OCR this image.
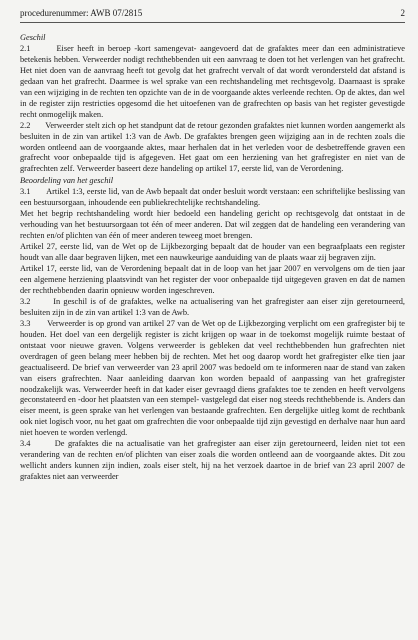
procedurenummer: AWB 07/2815	2

Geschil

2.1       Eiser heeft in beroep -kort samengevat- aangevoerd dat de grafaktes meer dan een administratieve betekenis hebben. Verweerder nodigt rechthebbenden uit een aanvraag te doen tot het verlengen van het grafrecht. Het niet doen van de aanvraag heeft tot gevolg dat het grafrecht vervalt of dat wordt verondersteld dat afstand is gedaan van het grafrecht. Daarmee is wel sprake van een rechtshandeling met rechtsgevolg. Daarnaast is sprake van een wijziging in de rechten ten opzichte van de in de voorgaande aktes verleende rechten. Op de aktes, dan wel in de register zijn restricties opgesomd die het uitoefenen van de grafrechten op basis van het register gevestigde recht onmogelijk maken.

2.2       Verweerder stelt zich op het standpunt dat de retour gezonden grafaktes niet kunnen worden aangemerkt als besluiten in de zin van artikel 1:3 van de Awb. De grafaktes brengen geen wijziging aan in de rechten zoals die worden ontleend aan de voorgaande aktes, maar herhalen dat in het verleden voor de desbetreffende graven een grafrecht voor onbepaalde tijd is afgegeven. Het gaat om een herziening van het grafregister en niet van de grafrechten zelf. Verweerder baseert deze handeling op artikel 17, eerste lid, van de Verordening.

Beoordeling van het geschil

3.1       Artikel 1:3, eerste lid, van de Awb bepaalt dat onder besluit wordt verstaan: een schriftelijke beslissing van een bestuursorgaan, inhoudende een publiekrechtelijke rechtshandeling.

Met het begrip rechtshandeling wordt hier bedoeld een handeling gericht op rechtsgevolg dat ontstaat in de verhouding van het bestuursorgaan tot één of meer anderen. Dat wil zeggen dat de handeling een verandering van rechten en/of plichten van één of meer anderen teweeg moet brengen.

Artikel 27, eerste lid, van de Wet op de Lijkbezorging bepaalt dat de houder van een begraafplaats een register houdt van alle daar begraven lijken, met een nauwkeurige aanduiding van de plaats waar zij begraven zijn.

Artikel 17, eerste lid, van de Verordening bepaalt dat in de loop van het jaar 2007 en vervolgens om de tien jaar een algemene herziening plaatsvindt van het register der voor onbepaalde tijd uitgegeven graven en dat de namen der rechthebbenden daarin opnieuw worden ingeschreven.

3.2       In geschil is of de grafaktes, welke na actualisering van het grafregister aan eiser zijn geretourneerd, besluiten zijn in de zin van artikel 1:3 van de Awb.

3.3       Verweerder is op grond van artikel 27 van de Wet op de Lijkbezorging verplicht om een grafregister bij te houden. Het doel van een dergelijk register is zicht krijgen op waar in de toekomst mogelijk ruimte bestaat of ontstaat voor nieuwe graven. Volgens verweerder is gebleken dat veel rechthebbenden hun grafrechten niet overdragen of geen belang meer hebben bij de rechten. Met het oog daarop wordt het grafregister elke tien jaar geactualiseerd. De brief van verweerder van 23 april 2007 was bedoeld om te informeren naar de stand van zaken van eisers grafrechten. Naar aanleiding daarvan kon worden bepaald of aanpassing van het grafregister noodzakelijk was. Verweerder heeft in dat kader eiser gevraagd diens grafaktes toe te zenden en heeft vervolgens geconstateerd en -door het plaatsten van een stempel- vastgelegd dat eiser nog steeds rechthebbende is. Anders dan eiser meent, is geen sprake van het verlengen van bestaande grafrechten. Een dergelijke uitleg komt de rechtbank ook niet logisch voor, nu het gaat om grafrechten die voor onbepaalde tijd zijn gevestigd en derhalve naar hun aard niet hoeven te worden verlengd.

3.4       De grafaktes die na actualisatie van het grafregister aan eiser zijn geretourneerd, leiden niet tot een verandering van de rechten en/of plichten van eiser zoals die worden ontleend aan de voorgaande aktes. Dit zou wellicht anders kunnen zijn indien, zoals eiser stelt, hij na het verzoek daartoe in de brief van 23 april 2007 de grafaktes niet aan verweerder
